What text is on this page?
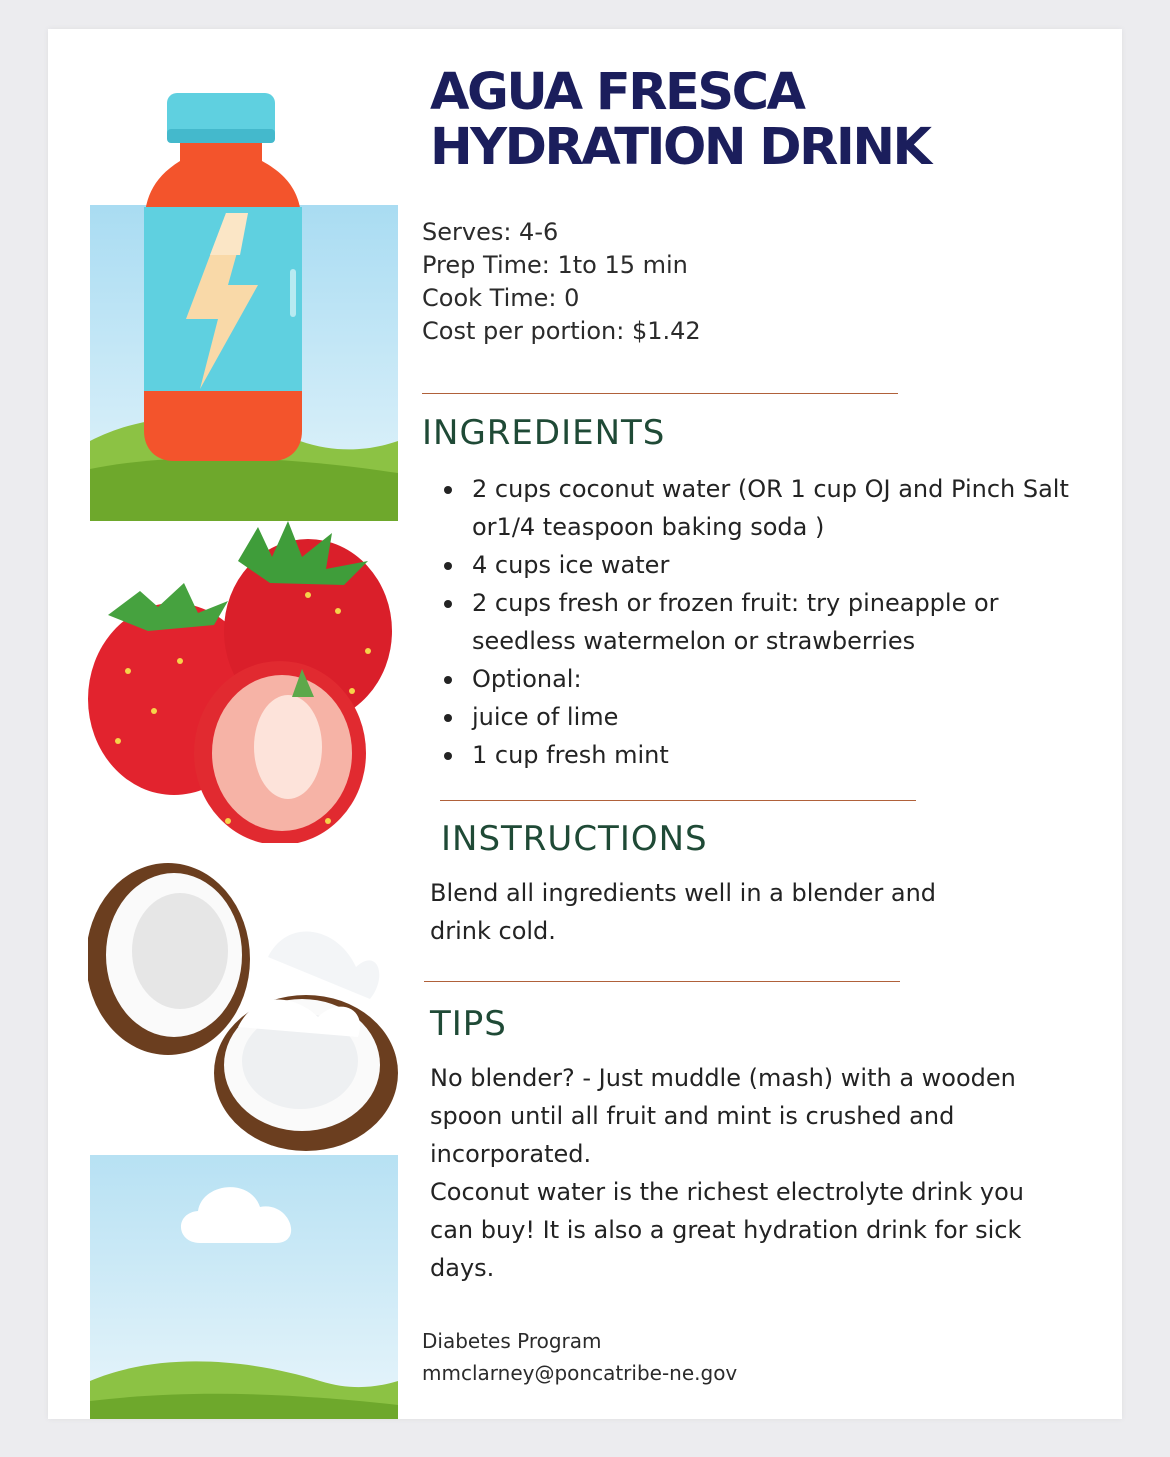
AGUA FRESCA
HYDRATION DRINK
Serves: 4-6
Prep Time: 1to 15 min
Cook Time: 0
Cost per portion: $1.42
INGREDIENTS
2 cups coconut water (OR 1 cup OJ and Pinch Salt or1/4 teaspoon baking soda )
4 cups ice water
2 cups fresh or frozen fruit: try pineapple or seedless watermelon or strawberries
Optional:
juice of lime
1 cup fresh mint
INSTRUCTIONS
Blend all ingredients well in a blender and
drink cold.
TIPS
No blender? - Just muddle (mash) with a wooden
spoon until all fruit and mint is crushed and
incorporated.
Coconut water is the richest electrolyte drink you
can buy! It is also a great hydration drink for sick
days.
Diabetes Program
mmclarney@poncatribe-ne.gov
